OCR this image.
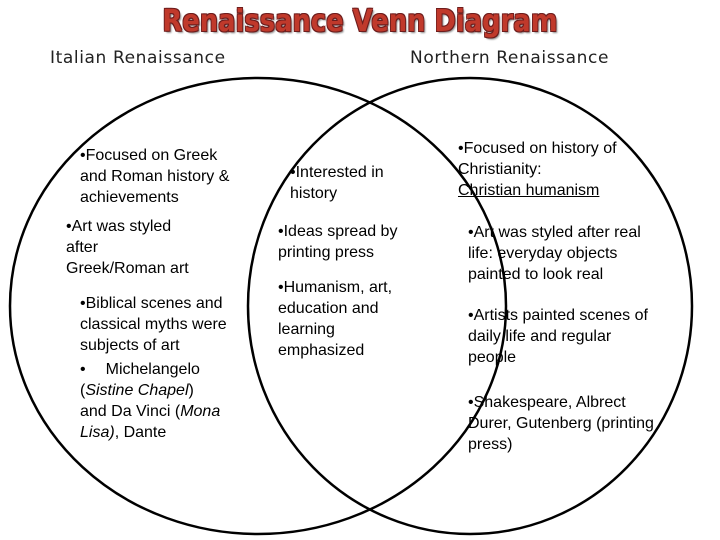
Renaissance Venn Diagram
Italian Renaissance	Northern Renaissance

•Focused on Greek and Roman history & achievements

•Art was styled

after

Greek/Roman art

•Biblical scenes and classical myths were subjects of art

• Michelangelo

(Sistine Chapel)

and Da Vinci (Mona Lisa), Dante

•Interested in history

•Ideas spread by printing press

•Humanism, art, education and learning emphasized

•Focused on history of Christianity:

Christian humanism

•Art was styled after real life: everyday objects painted to look real

•Artists painted scenes of daily life and regular people

•Shakespeare, Albrect Durer, Gutenberg (printing press)
